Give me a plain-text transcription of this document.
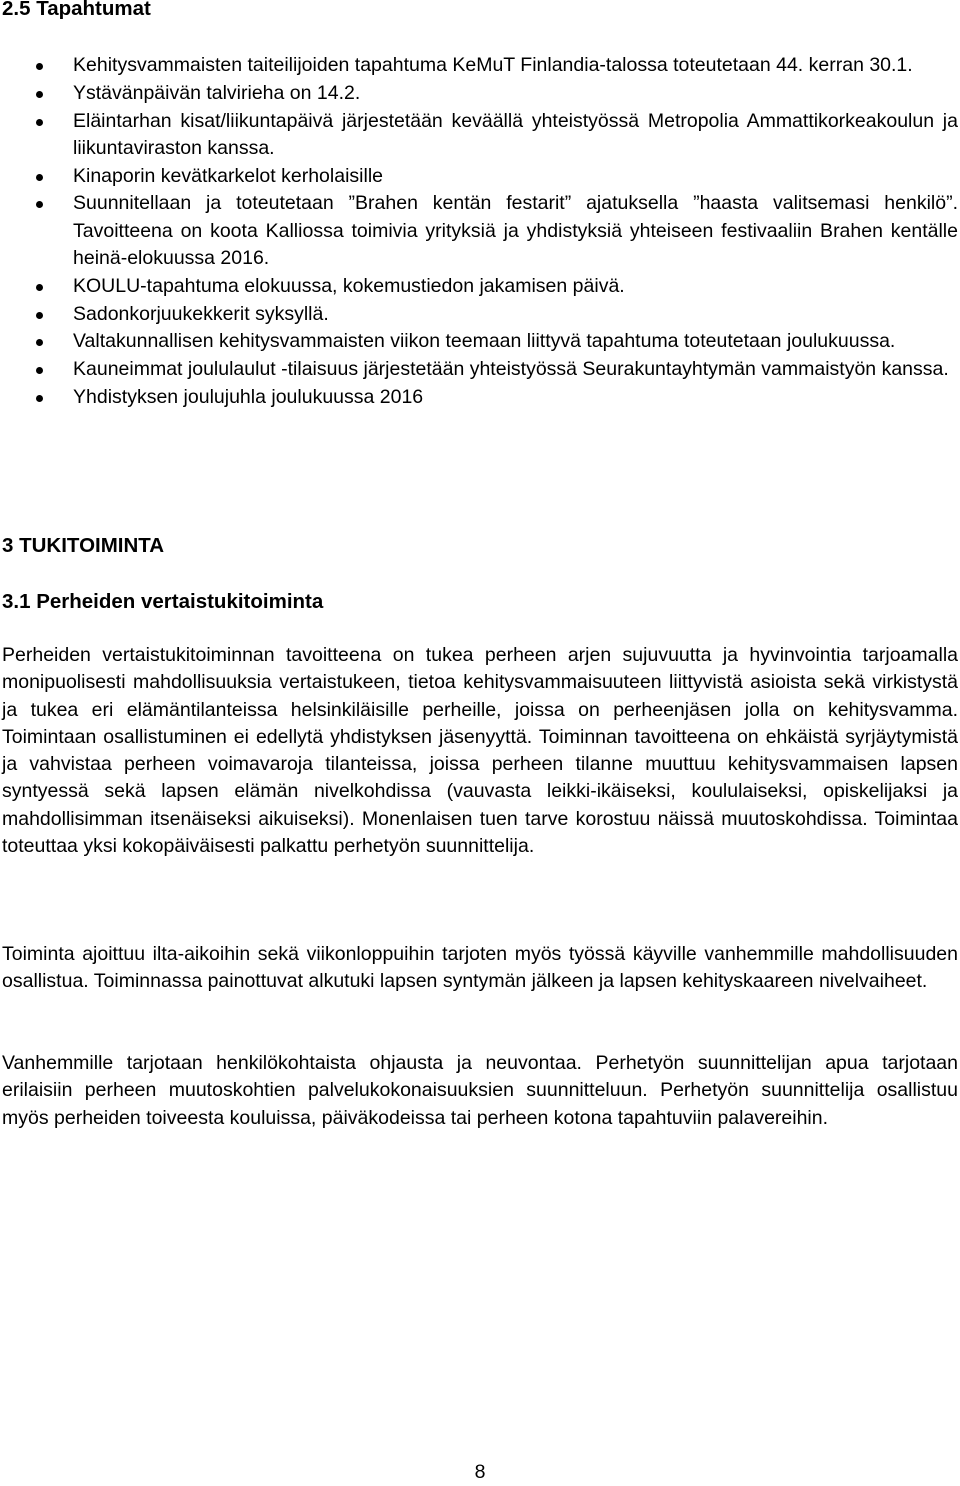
2.5 Tapahtumat
Kehitysvammaisten taiteilijoiden tapahtuma KeMuT Finlandia-talossa toteutetaan 44. kerran 30.1.
Ystävänpäivän talvirieha on 14.2.
Eläintarhan kisat/liikuntapäivä järjestetään keväällä yhteistyössä Metropolia Ammattikorkeakoulun ja liikuntaviraston kanssa.
Kinaporin kevätkarkelot kerholaisille
Suunnitellaan ja toteutetaan ”Brahen kentän festarit” ajatuksella ”haasta valitsemasi henkilö”. Tavoitteena on koota Kalliossa toimivia yrityksiä ja yhdistyksiä yhteiseen festivaaliin Brahen kentälle heinä-elokuussa 2016.
KOULU-tapahtuma elokuussa, kokemustiedon jakamisen päivä.
Sadonkorjuukekkerit syksyllä.
Valtakunnallisen kehitysvammaisten viikon teemaan liittyvä tapahtuma toteutetaan joulukuussa.
Kauneimmat joululaulut -tilaisuus järjestetään yhteistyössä Seurakuntayhtymän vammaistyön kanssa.
Yhdistyksen joulujuhla joulukuussa 2016
3 TUKITOIMINTA
3.1 Perheiden vertaistukitoiminta

Perheiden vertaistukitoiminnan tavoitteena on tukea perheen arjen sujuvuutta ja hyvinvointia tarjoamalla monipuolisesti mahdollisuuksia vertaistukeen, tietoa kehitysvammaisuuteen liittyvistä asioista sekä virkistystä ja tukea eri elämäntilanteissa helsinkiläisille perheille, joissa on perheenjäsen jolla on kehitysvamma. Toimintaan osallistuminen ei edellytä yhdistyksen jäsenyyttä. Toiminnan tavoitteena on ehkäistä syrjäytymistä ja vahvistaa perheen voimavaroja tilanteissa, joissa perheen tilanne muuttuu kehitysvammaisen lapsen syntyessä sekä lapsen elämän nivelkohdissa (vauvasta leikki-ikäiseksi, koululaiseksi, opiskelijaksi ja mahdollisimman itsenäiseksi aikuiseksi). Monenlaisen tuen tarve korostuu näissä muutoskohdissa. Toimintaa toteuttaa yksi kokopäiväisesti palkattu perhetyön suunnittelija.

Toiminta ajoittuu ilta-aikoihin sekä viikonloppuihin tarjoten myös työssä käyville vanhemmille mahdollisuuden osallistua. Toiminnassa painottuvat alkutuki lapsen syntymän jälkeen ja lapsen kehityskaareen nivelvaiheet.

Vanhemmille tarjotaan henkilökohtaista ohjausta ja neuvontaa. Perhetyön suunnittelijan apua tarjotaan erilaisiin perheen muutoskohtien palvelukokonaisuuksien suunnitteluun. Perhetyön suunnittelija osallistuu myös perheiden toiveesta kouluissa, päiväkodeissa tai perheen kotona tapahtuviin palavereihin.

8
